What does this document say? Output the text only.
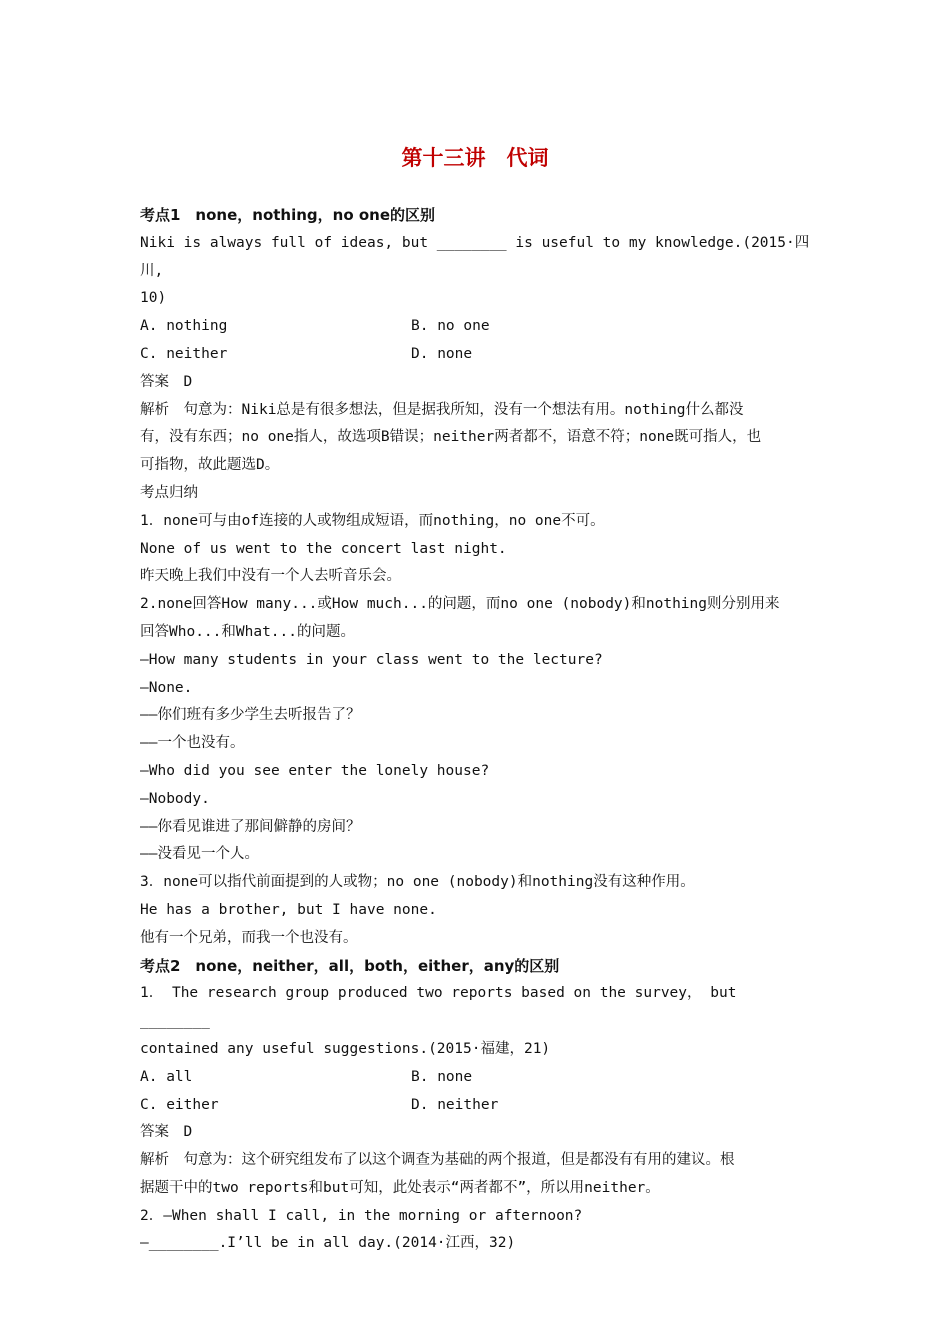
第十三讲　代词
考点1　none，nothing，no one的区别
Niki is always full of ideas, but ________ is useful to my knowledge.(2015·四川,
10)
A. nothing	B. no one
C. neither	D. none
答案　D
解析　句意为：Niki总是有很多想法，但是据我所知，没有一个想法有用。nothing什么都没
有，没有东西；no one指人，故选项B错误；neither两者都不，语意不符；none既可指人，也
可指物，故此题选D。
考点归纳
1．none可与由of连接的人或物组成短语，而nothing，no one不可。
None of us went to the concert last night.
昨天晚上我们中没有一个人去听音乐会。
2.none回答How many...或How much...的问题，而no one (nobody)和nothing则分别用来
回答Who...和What...的问题。
—How many students in your class went to the lecture?
—None.
——你们班有多少学生去听报告了？
——一个也没有。
—Who did you see enter the lonely house?
—Nobody.
——你看见谁进了那间僻静的房间？
——没看见一个人。
3．none可以指代前面提到的人或物；no one (nobody)和nothing没有这种作用。
He has a brother, but I have none.
他有一个兄弟，而我一个也没有。
考点2　none，neither，all，both，either，any的区别
1． The research group produced two reports based on the survey， but ________
contained any useful suggestions.(2015·福建，21)
A. all	B. none
C. either	D. neither
答案　D
解析　句意为：这个研究组发布了以这个调查为基础的两个报道，但是都没有有用的建议。根
据题干中的two reports和but可知，此处表示“两者都不”，所以用neither。
2．—When shall I call, in the morning or afternoon?
—________.I’ll be in all day.(2014·江西，32)
